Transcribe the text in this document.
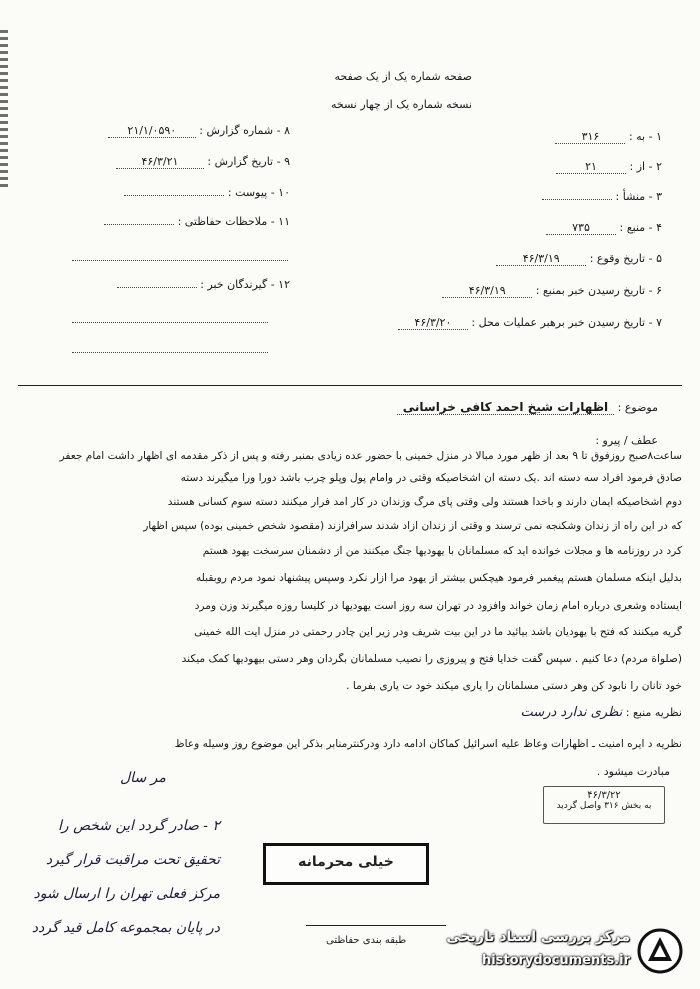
صفحه شماره یک از یک صفحه
نسخه شماره یک از چهار نسخه
۱ - به : ۳۱۶
۲ - از : ۲۱
۳ - منشأ :
۴ - منبع : ۷۳۵
۵ - تاریخ وقوع : ۴۶/۳/۱۹
۶ - تاریخ رسیدن خبر بمنبع : ۴۶/۳/۱۹
۷ - تاریخ رسیدن خبر برهبر عملیات محل : ۴۶/۳/۲۰
۸ - شماره گزارش : ۲۱/۱/۰۵۹۰
۹ - تاریخ گزارش : ۴۶/۳/۲۱
۱۰ - پیوست :
۱۱ - ملاحظات حفاظتی :
۱۲ - گیرندگان خبر :
موضوع : اظهارات شیخ احمد کافی خراسانی
عطف / پیرو :
ساعت۸صبح روزفوق تا ۹ بعد از ظهر مورد مبالا در منزل خمینی با حضور عده زیادی بمنبر رفته و پس از ذکر مقدمه ای اظهار داشت امام جعفر
صادق فرمود افراد سه دسته اند .یک دسته آن اشخاصیکه وقتی در وامام پول وپلو چرب باشد دورا ورا میگیرند دسته
دوم اشخاصیکه ایمان دارند و باخدا هستند ولی وقتی پای مرگ وزندان در کار آمد فرار میکنند دسته سوم کسانی هستند
که در این راه از زندان وشکنجه نمی ترسند و وقتی از زندان آزاد شدند سرافرازند (مقصود شخص خمینی بوده) سپس اظهار
کرد در روزنامه ها و مجلات خوانده اید که مسلمانان با یهودیها جنگ میکنند من از دشمنان سرسخت یهود هستم
بدلیل اینکه مسلمان هستم پیغمبر فرمود هیچکس بیشتر از یهود مرا آزار نکرد وسپس پیشنهاد نمود مردم روبقبله
ایستاده وشعری درباره امام زمان خواند وافزود در تهران سه روز است یهودیها در کلیسا روزه میگیرند وزن ومرد
گریه میکنند که فتح با یهودیان باشد بیائید ما در این بیت شریف ودر زیر این چادر رحمتی در منزل آیت الله خمینی
(صلواة مردم) دعا کنیم . سپس گفت خدایا فتح و پیروزی را نصیب مسلمانان بگردان وهر دستی بیهودیها کمک میکند
خود تآنان را نابود کن وهر دستی مسلمانان را یاری میکند خود ت یاری بفرما .
نظریه منبع : نظری ندارد درست
نظریه د ایره امنیت ـ اظهارات وعاظ علیه اسرائیل کماکان ادامه دارد ودرکنترمنابر بذکر این موضوع روز وسیله وعاظ
مبادرت میشود .
۴۶/۳/۲۲
به بخش ۳۱۶ واصل گردید
مر سال
۲ - صادر گردد این شخص را
تحقیق تحت مراقبت قرار گیرد
مرکز فعلی تهران را ارسال شود
در پایان بمجموعه کامل قید گردد
خیلی محرمانه
طبقه بندی حفاظتی	مرکز بررسی اسناد تاریخی
historydocuments.ir
